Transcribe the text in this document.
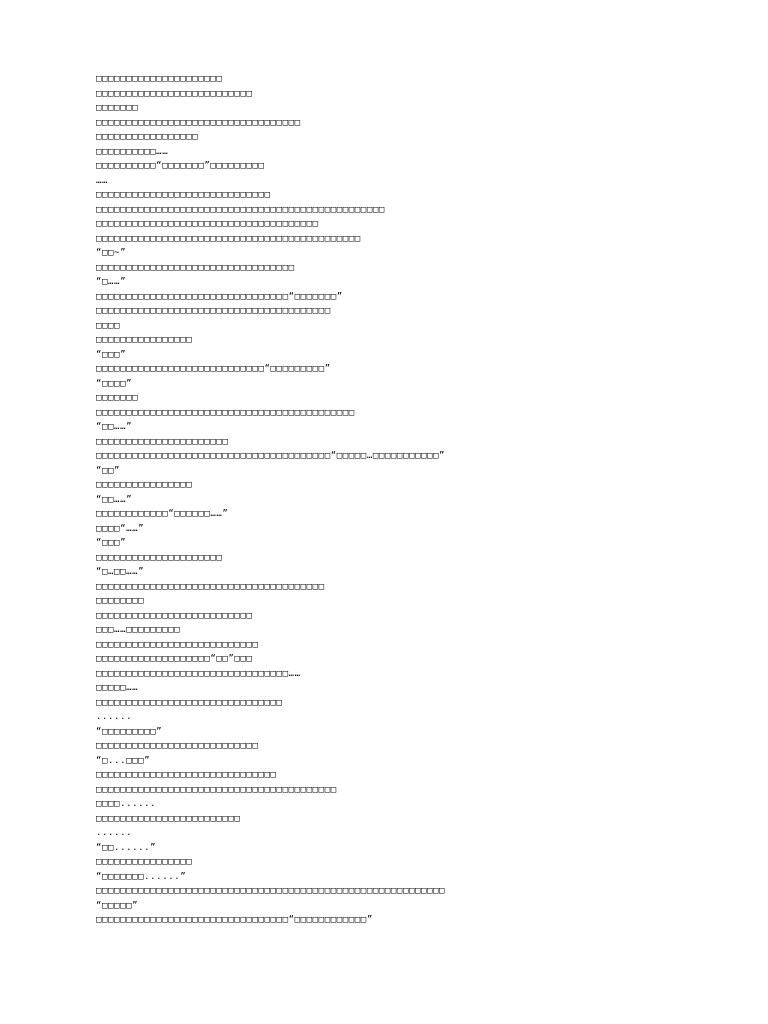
□□□□□□□□□□□□□□□□□□□□□
□□□□□□□□□□□□□□□□□□□□□□□□□□
□□□□□□□
□□□□□□□□□□□□□□□□□□□□□□□□□□□□□□□□□□
□□□□□□□□□□□□□□□□□
□□□□□□□□□□……
□□□□□□□□□□“□□□□□□□”□□□□□□□□□
……
□□□□□□□□□□□□□□□□□□□□□□□□□□□□□
□□□□□□□□□□□□□□□□□□□□□□□□□□□□□□□□□□□□□□□□□□□□□□□□
□□□□□□□□□□□□□□□□□□□□□□□□□□□□□□□□□□□□□
□□□□□□□□□□□□□□□□□□□□□□□□□□□□□□□□□□□□□□□□□□□□
“□□~”
□□□□□□□□□□□□□□□□□□□□□□□□□□□□□□□□□
“□……”
□□□□□□□□□□□□□□□□□□□□□□□□□□□□□□□□“□□□□□□□”
□□□□□□□□□□□□□□□□□□□□□□□□□□□□□□□□□□□□□□□
□□□□
□□□□□□□□□□□□□□□□
“□□□”
□□□□□□□□□□□□□□□□□□□□□□□□□□□□“□□□□□□□□□”
“□□□□”
□□□□□□□
□□□□□□□□□□□□□□□□□□□□□□□□□□□□□□□□□□□□□□□□□□□
“□□……”
□□□□□□□□□□□□□□□□□□□□□□
□□□□□□□□□□□□□□□□□□□□□□□□□□□□□□□□□□□□□□□“□□□□□…□□□□□□□□□□□”
“□□”
□□□□□□□□□□□□□□□□
“□□……”
□□□□□□□□□□□□“□□□□□□……”
□□□□“……”
“□□□”
□□□□□□□□□□□□□□□□□□□□□
“□…□□……”
□□□□□□□□□□□□□□□□□□□□□□□□□□□□□□□□□□□□□□
□□□□□□□□
□□□□□□□□□□□□□□□□□□□□□□□□□□
□□□……□□□□□□□□□
□□□□□□□□□□□□□□□□□□□□□□□□□□□
□□□□□□□□□□□□□□□□□□□“□□”□□□
□□□□□□□□□□□□□□□□□□□□□□□□□□□□□□□□……
□□□□□……
□□□□□□□□□□□□□□□□□□□□□□□□□□□□□□□
......
“□□□□□□□□□”
□□□□□□□□□□□□□□□□□□□□□□□□□□□
“□...□□□”
□□□□□□□□□□□□□□□□□□□□□□□□□□□□□□
□□□□□□□□□□□□□□□□□□□□□□□□□□□□□□□□□□□□□□□□
□□□□......
□□□□□□□□□□□□□□□□□□□□□□□□
......
“□□......”
□□□□□□□□□□□□□□□□
“□□□□□□□......”
□□□□□□□□□□□□□□□□□□□□□□□□□□□□□□□□□□□□□□□□□□□□□□□□□□□□□□□□□□
“□□□□□”
□□□□□□□□□□□□□□□□□□□□□□□□□□□□□□□□“□□□□□□□□□□□□”
